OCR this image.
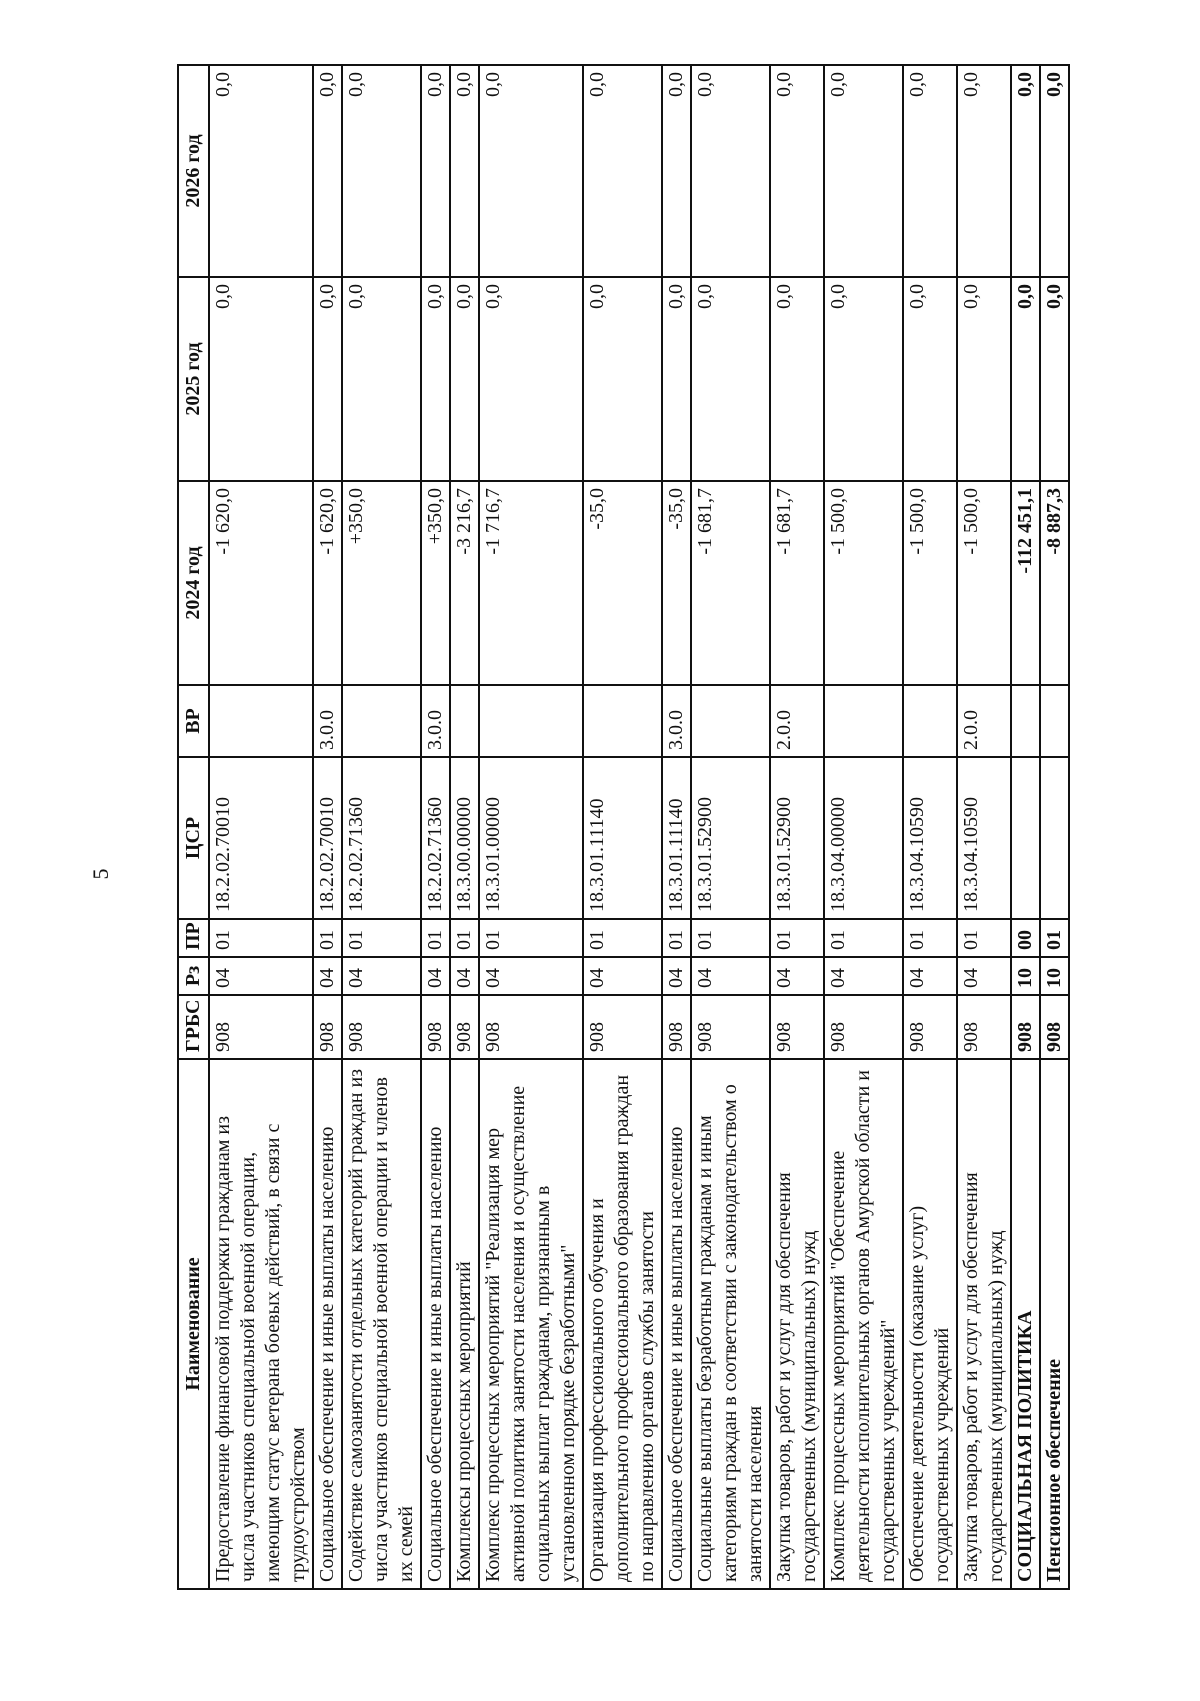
5
Наименование	ГРБС	Рз	ПР	ЦСР	ВР	2024 год	2025 год	2026 год
Предоставление финансовой поддержки гражданам из числа участников специальной военной операции, имеющим статус ветерана боевых действий, в связи с трудоустройством	908	04	01	18.2.02.70010		-1 620,0	0,0	0,0
Социальное обеспечение и иные выплаты населению	908	04	01	18.2.02.70010	3.0.0	-1 620,0	0,0	0,0
Содействие самозанятости отдельных категорий граждан из числа участников специальной военной операции и членов их семей	908	04	01	18.2.02.71360		+350,0	0,0	0,0
Социальное обеспечение и иные выплаты населению	908	04	01	18.2.02.71360	3.0.0	+350,0	0,0	0,0
Комплексы процессных мероприятий	908	04	01	18.3.00.00000		-3 216,7	0,0	0,0
Комплекс процессных мероприятий "Реализация мер активной политики занятости населения и осуществление социальных выплат гражданам, признанным в установленном порядке безработными"	908	04	01	18.3.01.00000		-1 716,7	0,0	0,0
Организация профессионального обучения и дополнительного профессионального образования граждан по направлению органов службы занятости	908	04	01	18.3.01.11140		-35,0	0,0	0,0
Социальное обеспечение и иные выплаты населению	908	04	01	18.3.01.11140	3.0.0	-35,0	0,0	0,0
Социальные выплаты безработным гражданам и иным категориям граждан в соответствии с законодательством о занятости населения	908	04	01	18.3.01.52900		-1 681,7	0,0	0,0
Закупка товаров, работ и услуг для обеспечения государственных (муниципальных) нужд	908	04	01	18.3.01.52900	2.0.0	-1 681,7	0,0	0,0
Комплекс процессных мероприятий "Обеспечение деятельности исполнительных органов Амурской области и государственных учреждений"	908	04	01	18.3.04.00000		-1 500,0	0,0	0,0
Обеспечение деятельности (оказание услуг) государственных учреждений	908	04	01	18.3.04.10590		-1 500,0	0,0	0,0
Закупка товаров, работ и услуг для обеспечения государственных (муниципальных) нужд	908	04	01	18.3.04.10590	2.0.0	-1 500,0	0,0	0,0
СОЦИАЛЬНАЯ ПОЛИТИКА	908	10	00			-112 451,1	0,0	0,0
Пенсионное обеспечение	908	10	01			-8 887,3	0,0	0,0
